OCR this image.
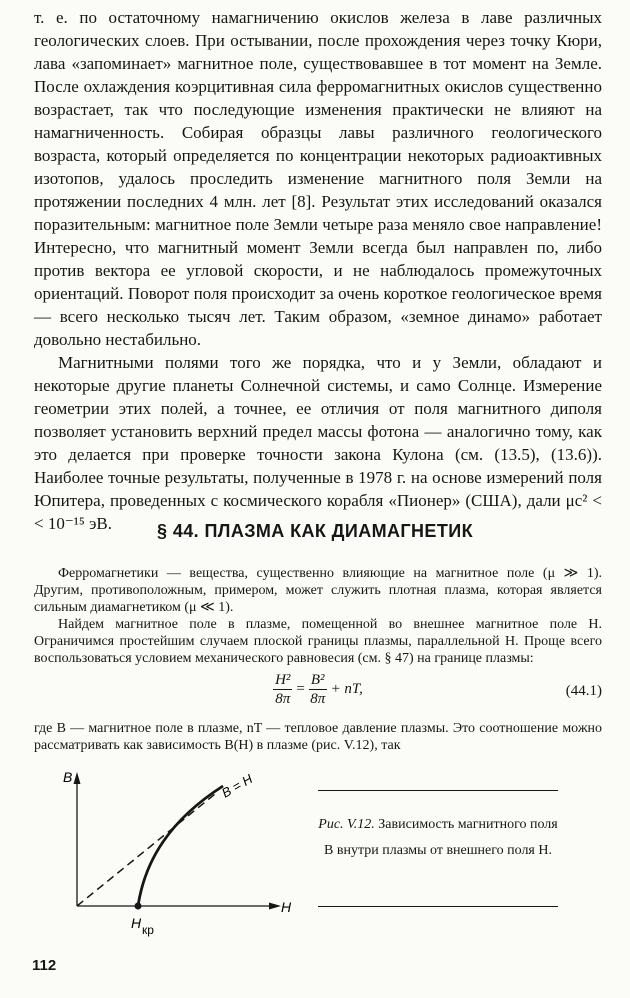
т. е. по остаточному намагничению окислов железа в лаве различных геологических слоев. При остывании, после прохождения через точку Кюри, лава «запоминает» магнитное поле, существовавшее в тот момент на Земле. После охлаждения коэрцитивная сила ферромагнитных окислов существенно возрастает, так что последующие изменения практически не влияют на намагниченность. Собирая образцы лавы различного геологического возраста, который определяется по концентрации некоторых радиоактивных изотопов, удалось проследить изменение магнитного поля Земли на протяжении последних 4 млн. лет [8]. Результат этих исследований оказался поразительным: магнитное поле Земли четыре раза меняло свое направление! Интересно, что магнитный момент Земли всегда был направлен по, либо против вектора ее угловой скорости, и не наблюдалось промежуточных ориентаций. Поворот поля происходит за очень короткое геологическое время — всего несколько тысяч лет. Таким образом, «земное динамо» работает довольно нестабильно.

Магнитными полями того же порядка, что и у Земли, обладают и некоторые другие планеты Солнечной системы, и само Солнце. Измерение геометрии этих полей, а точнее, ее отличия от поля магнитного диполя позволяет установить верхний предел массы фотона — аналогично тому, как это делается при проверке точности закона Кулона (см. (13.5), (13.6)). Наиболее точные результаты, полученные в 1978 г. на основе измерений поля Юпитера, проведенных с космического корабля «Пионер» (США), дали μc² < < 10⁻¹⁵ эВ.	§ 44. ПЛАЗМА КАК ДИАМАГНЕТИК

Ферромагнетики — вещества, существенно влияющие на магнитное поле (μ ≫ 1). Другим, противоположным, примером, может служить плотная плазма, которая является сильным диамагнетиком (μ ≪ 1).

Найдем магнитное поле в плазме, помещенной во внешнее магнитное поле H. Ограничимся простейшим случаем плоской границы плазмы, параллельной H. Проще всего воспользоваться условием механического равновесия (см. § 47) на границе плазмы:

$\frac{\text{H²}}{8\pi} = \frac{\text{B²}}{8\pi}$ + nT,	(44.1)

где B — магнитное поле в плазме, nT — тепловое давление плазмы. Это соотношение можно рассматривать как зависимость B(H) в плазме (рис. V.12), так

B
H
B = H
H кр
Рис. V.12. Зависимость магнитного поля B внутри плазмы от внешнего поля H.
112
